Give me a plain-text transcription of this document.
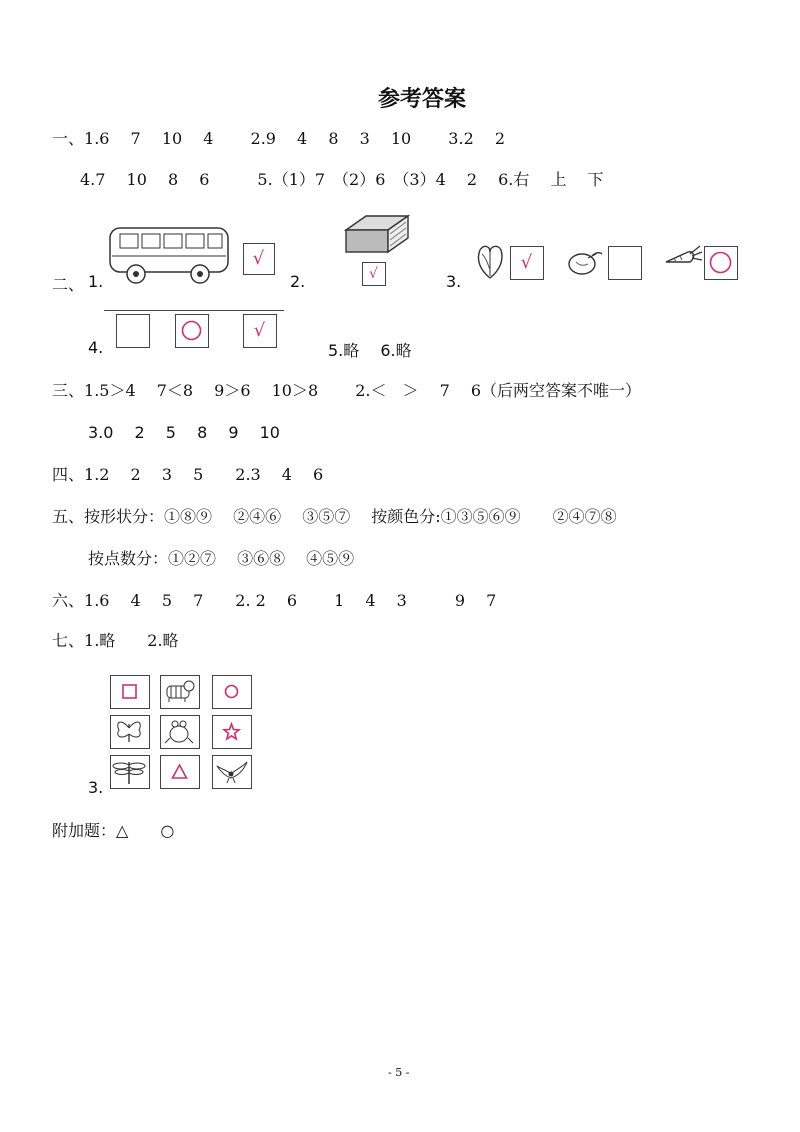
参考答案
一、1.6　 7　 10　 4　　 2.9　 4　 8　 3　 10　　 3.2　 2
4.7　 10　 8　 6　　　5.（1）7　（2）6　（3）4　 2　 6.右　 上　 下
二、 1.
√
2.	√	3.
√
4.
√
5.略　 6.略
三、1.5＞4　 7＜8　 9＞6　 10＞8　　 2.＜　＞　 7　 6（后两空答案不唯一）
3.0　 2　 5　 8　 9　 10
四、1.2　 2　 3　 5　　2.3　 4　 6
五、按形状分：①⑧⑨　 ②④⑥　 ③⑤⑦　 按颜色分:①③⑤⑥⑨　　②④⑦⑧
按点数分：①②⑦　 ③⑥⑧　 ④⑤⑨
六、1.6　 4　 5　 7　　2. 2　 6　　 1　 4　 3　　　9　 7
七、1.略　　2.略
3.
附加题：△　　○
- 5 -
